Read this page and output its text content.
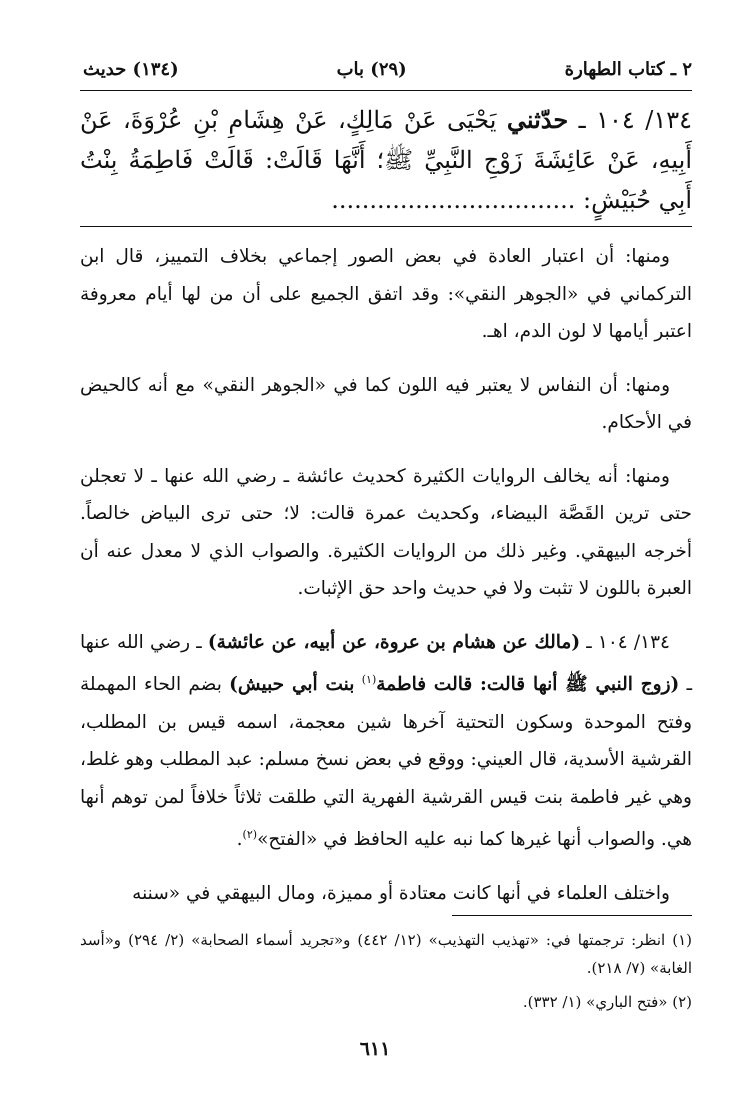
٢ ـ كتاب الطهارة
(٢٩) باب
(١٣٤) حديث
١٣٤/ ١٠٤ ـ حدّثني يَحْيَى عَنْ مَالِكٍ، عَنْ هِشَامِ بْنِ عُرْوَةَ، عَنْ أَبِيهِ، عَنْ عَائِشَةَ زَوْجِ النَّبِيِّ ﷺ؛ أَنَّهَا قَالَتْ: قَالَتْ فَاطِمَةُ بِنْتُ أَبِي حُبَيْشٍ: ................................

ومنها: أن اعتبار العادة في بعض الصور إجماعي بخلاف التمييز، قال ابن التركماني في «الجوهر النقي»: وقد اتفق الجميع على أن من لها أيام معروفة اعتبر أيامها لا لون الدم، اهـ.

ومنها: أن النفاس لا يعتبر فيه اللون كما في «الجوهر النقي» مع أنه كالحيض في الأحكام.

ومنها: أنه يخالف الروايات الكثيرة كحديث عائشة ـ رضي الله عنها ـ لا تعجلن حتى ترين القَصَّة البيضاء، وكحديث عمرة قالت: لا؛ حتى ترى البياض خالصاً. أخرجه البيهقي. وغير ذلك من الروايات الكثيرة. والصواب الذي لا معدل عنه أن العبرة باللون لا تثبت ولا في حديث واحد حق الإثبات.

١٣٤/ ١٠٤ ـ (مالك عن هشام بن عروة، عن أبيه، عن عائشة) ـ رضي الله عنها ـ (زوج النبي ﷺ أنها قالت: قالت فاطمة$^{(١)}$ بنت أبي حبيش) بضم الحاء المهملة وفتح الموحدة وسكون التحتية آخرها شين معجمة، اسمه قيس بن المطلب، القرشية الأسدية، قال العيني: ووقع في بعض نسخ مسلم: عبد المطلب وهو غلط، وهي غير فاطمة بنت قيس القرشية الفهرية التي طلقت ثلاثاً خلافاً لمن توهم أنها هي. والصواب أنها غيرها كما نبه عليه الحافظ في «الفتح»$^{(٢)}$.

واختلف العلماء في أنها كانت معتادة أو مميزة، ومال البيهقي في «سننه

(١) انظر: ترجمتها في: «تهذيب التهذيب» (١٢/ ٤٤٢) و«تجريد أسماء الصحابة» (٢/ ٢٩٤) و«أسد الغابة» (٧/ ٢١٨).

(٢) «فتح الباري» (١/ ٣٣٢).

٦١١
